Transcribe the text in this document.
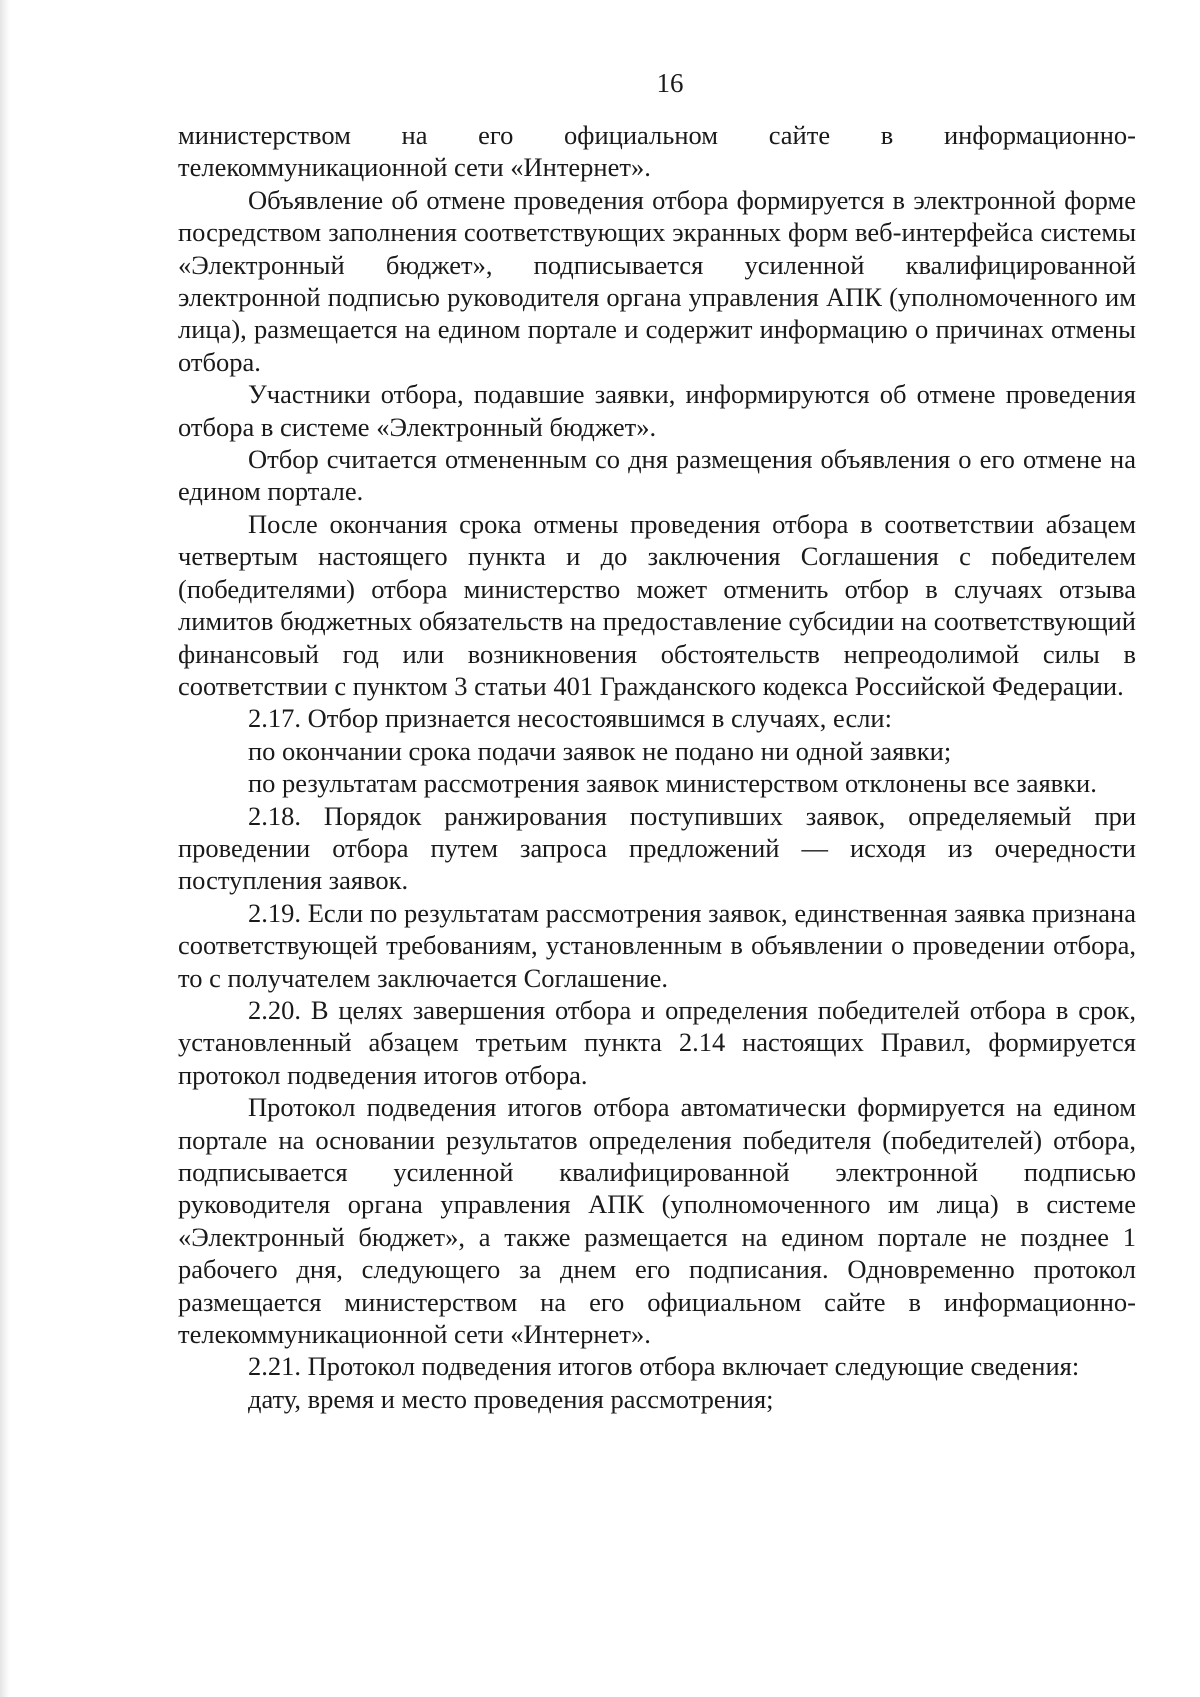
16

министерством на его официальном сайте в информационно-телекоммуникационной сети «Интернет».

Объявление об отмене проведения отбора формируется в электронной форме посредством заполнения соответствующих экранных форм веб-интерфейса системы «Электронный бюджет», подписывается усиленной квалифицированной электронной подписью руководителя органа управления АПК (уполномоченного им лица), размещается на едином портале и содержит информацию о причинах отмены отбора.

Участники отбора, подавшие заявки, информируются об отмене проведения отбора в системе «Электронный бюджет».

Отбор считается отмененным со дня размещения объявления о его отмене на едином портале.

После окончания срока отмены проведения отбора в соответствии абзацем четвертым настоящего пункта и до заключения Соглашения с победителем (победителями) отбора министерство может отменить отбор в случаях отзыва лимитов бюджетных обязательств на предоставление субсидии на соответствующий финансовый год или возникновения обстоятельств непреодолимой силы в соответствии с пунктом 3 статьи 401 Гражданского кодекса Российской Федерации.

2.17. Отбор признается несостоявшимся в случаях, если:

по окончании срока подачи заявок не подано ни одной заявки;

по результатам рассмотрения заявок министерством отклонены все заявки.

2.18. Порядок ранжирования поступивших заявок, определяемый при проведении отбора путем запроса предложений — исходя из очередности поступления заявок.

2.19. Если по результатам рассмотрения заявок, единственная заявка признана соответствующей требованиям, установленным в объявлении о проведении отбора, то с получателем заключается Соглашение.

2.20. В целях завершения отбора и определения победителей отбора в срок, установленный абзацем третьим пункта 2.14 настоящих Правил, формируется протокол подведения итогов отбора.

Протокол подведения итогов отбора автоматически формируется на едином портале на основании результатов определения победителя (победителей) отбора, подписывается усиленной квалифицированной электронной подписью руководителя органа управления АПК (уполномоченного им лица) в системе «Электронный бюджет», а также размещается на едином портале не позднее 1 рабочего дня, следующего за днем его подписания. Одновременно протокол размещается министерством на его официальном сайте в информационно-телекоммуникационной сети «Интернет».

2.21. Протокол подведения итогов отбора включает следующие сведения:

дату, время и место проведения рассмотрения;
